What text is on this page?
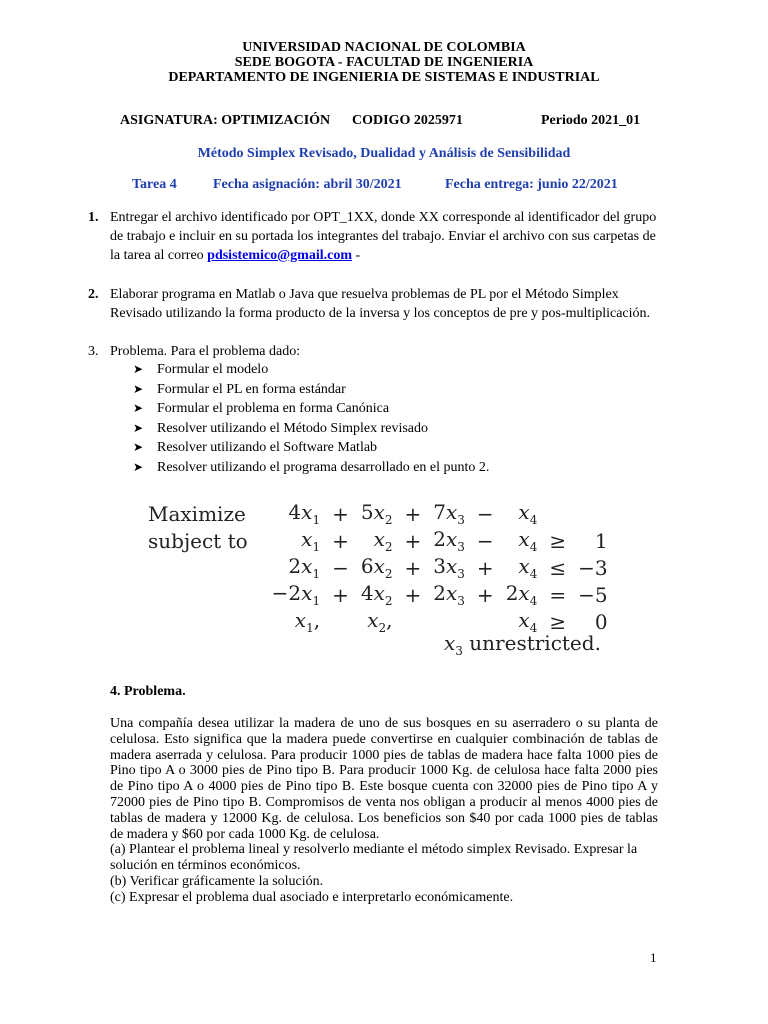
UNIVERSIDAD NACIONAL DE COLOMBIA
SEDE BOGOTA - FACULTAD DE INGENIERIA
DEPARTAMENTO DE INGENIERIA DE SISTEMAS E INDUSTRIAL
ASIGNATURA: OPTIMIZACIÓN CODIGO 2025971	Periodo 2021_01
Método Simplex Revisado, Dualidad y Análisis de Sensibilidad
Tarea 4	Fecha asignación: abril 30/2021	Fecha entrega: junio 22/2021
1. Entregar el archivo identificado por OPT_1XX, donde XX corresponde al identificador del grupo de trabajo e incluir en su portada los integrantes del trabajo. Enviar el archivo con sus carpetas de la tarea al correo pdsistemico@gmail.com -
2. Elaborar programa en Matlab o Java que resuelva problemas de PL por el Método Simplex Revisado utilizando la forma producto de la inversa y los conceptos de pre y pos-multiplicación.
3. Problema. Para el problema dado:
➤ Formular el modelo
➤ Formular el PL en forma estándar
➤ Formular el problema en forma Canónica
➤ Resolver utilizando el Método Simplex revisado
➤ Resolver utilizando el Software Matlab
➤ Resolver utilizando el programa desarrollado en el punto 2.
Maximize	$4x_1$	+	$5x_2$	+	$7x_3$	−	$x_4$		
subject to	$x_1$	+	$x_2$	+	$2x_3$	−	$x_4$	≥	1
	$2x_1$	−	$6x_2$	+	$3x_3$	+	$x_4$	≤	−3
	$-2x_1$	+	$4x_2$	+	$2x_3$	+	$2x_4$	=	−5
	$x_1$,		$x_2$,				$x_4$	≥	0
$x_3$ unrestricted.
4. Problema.

Una compañía desea utilizar la madera de uno de sus bosques en su aserradero o su planta de celulosa. Esto significa que la madera puede convertirse en cualquier combinación de tablas de madera aserrada y celulosa. Para producir 1000 pies de tablas de madera hace falta 1000 pies de Pino tipo A o 3000 pies de Pino tipo B. Para producir 1000 Kg. de celulosa hace falta 2000 pies de Pino tipo A o 4000 pies de Pino tipo B. Este bosque cuenta con 32000 pies de Pino tipo A y 72000 pies de Pino tipo B. Compromisos de venta nos obligan a producir al menos 4000 pies de tablas de madera y 12000 Kg. de celulosa. Los beneficios son $40 por cada 1000 pies de tablas de madera y $60 por cada 1000 Kg. de celulosa.

(a) Plantear el problema lineal y resolverlo mediante el método simplex Revisado. Expresar la solución en términos económicos.

(b) Verificar gráficamente la solución.

(c) Expresar el problema dual asociado e interpretarlo económicamente.

1
